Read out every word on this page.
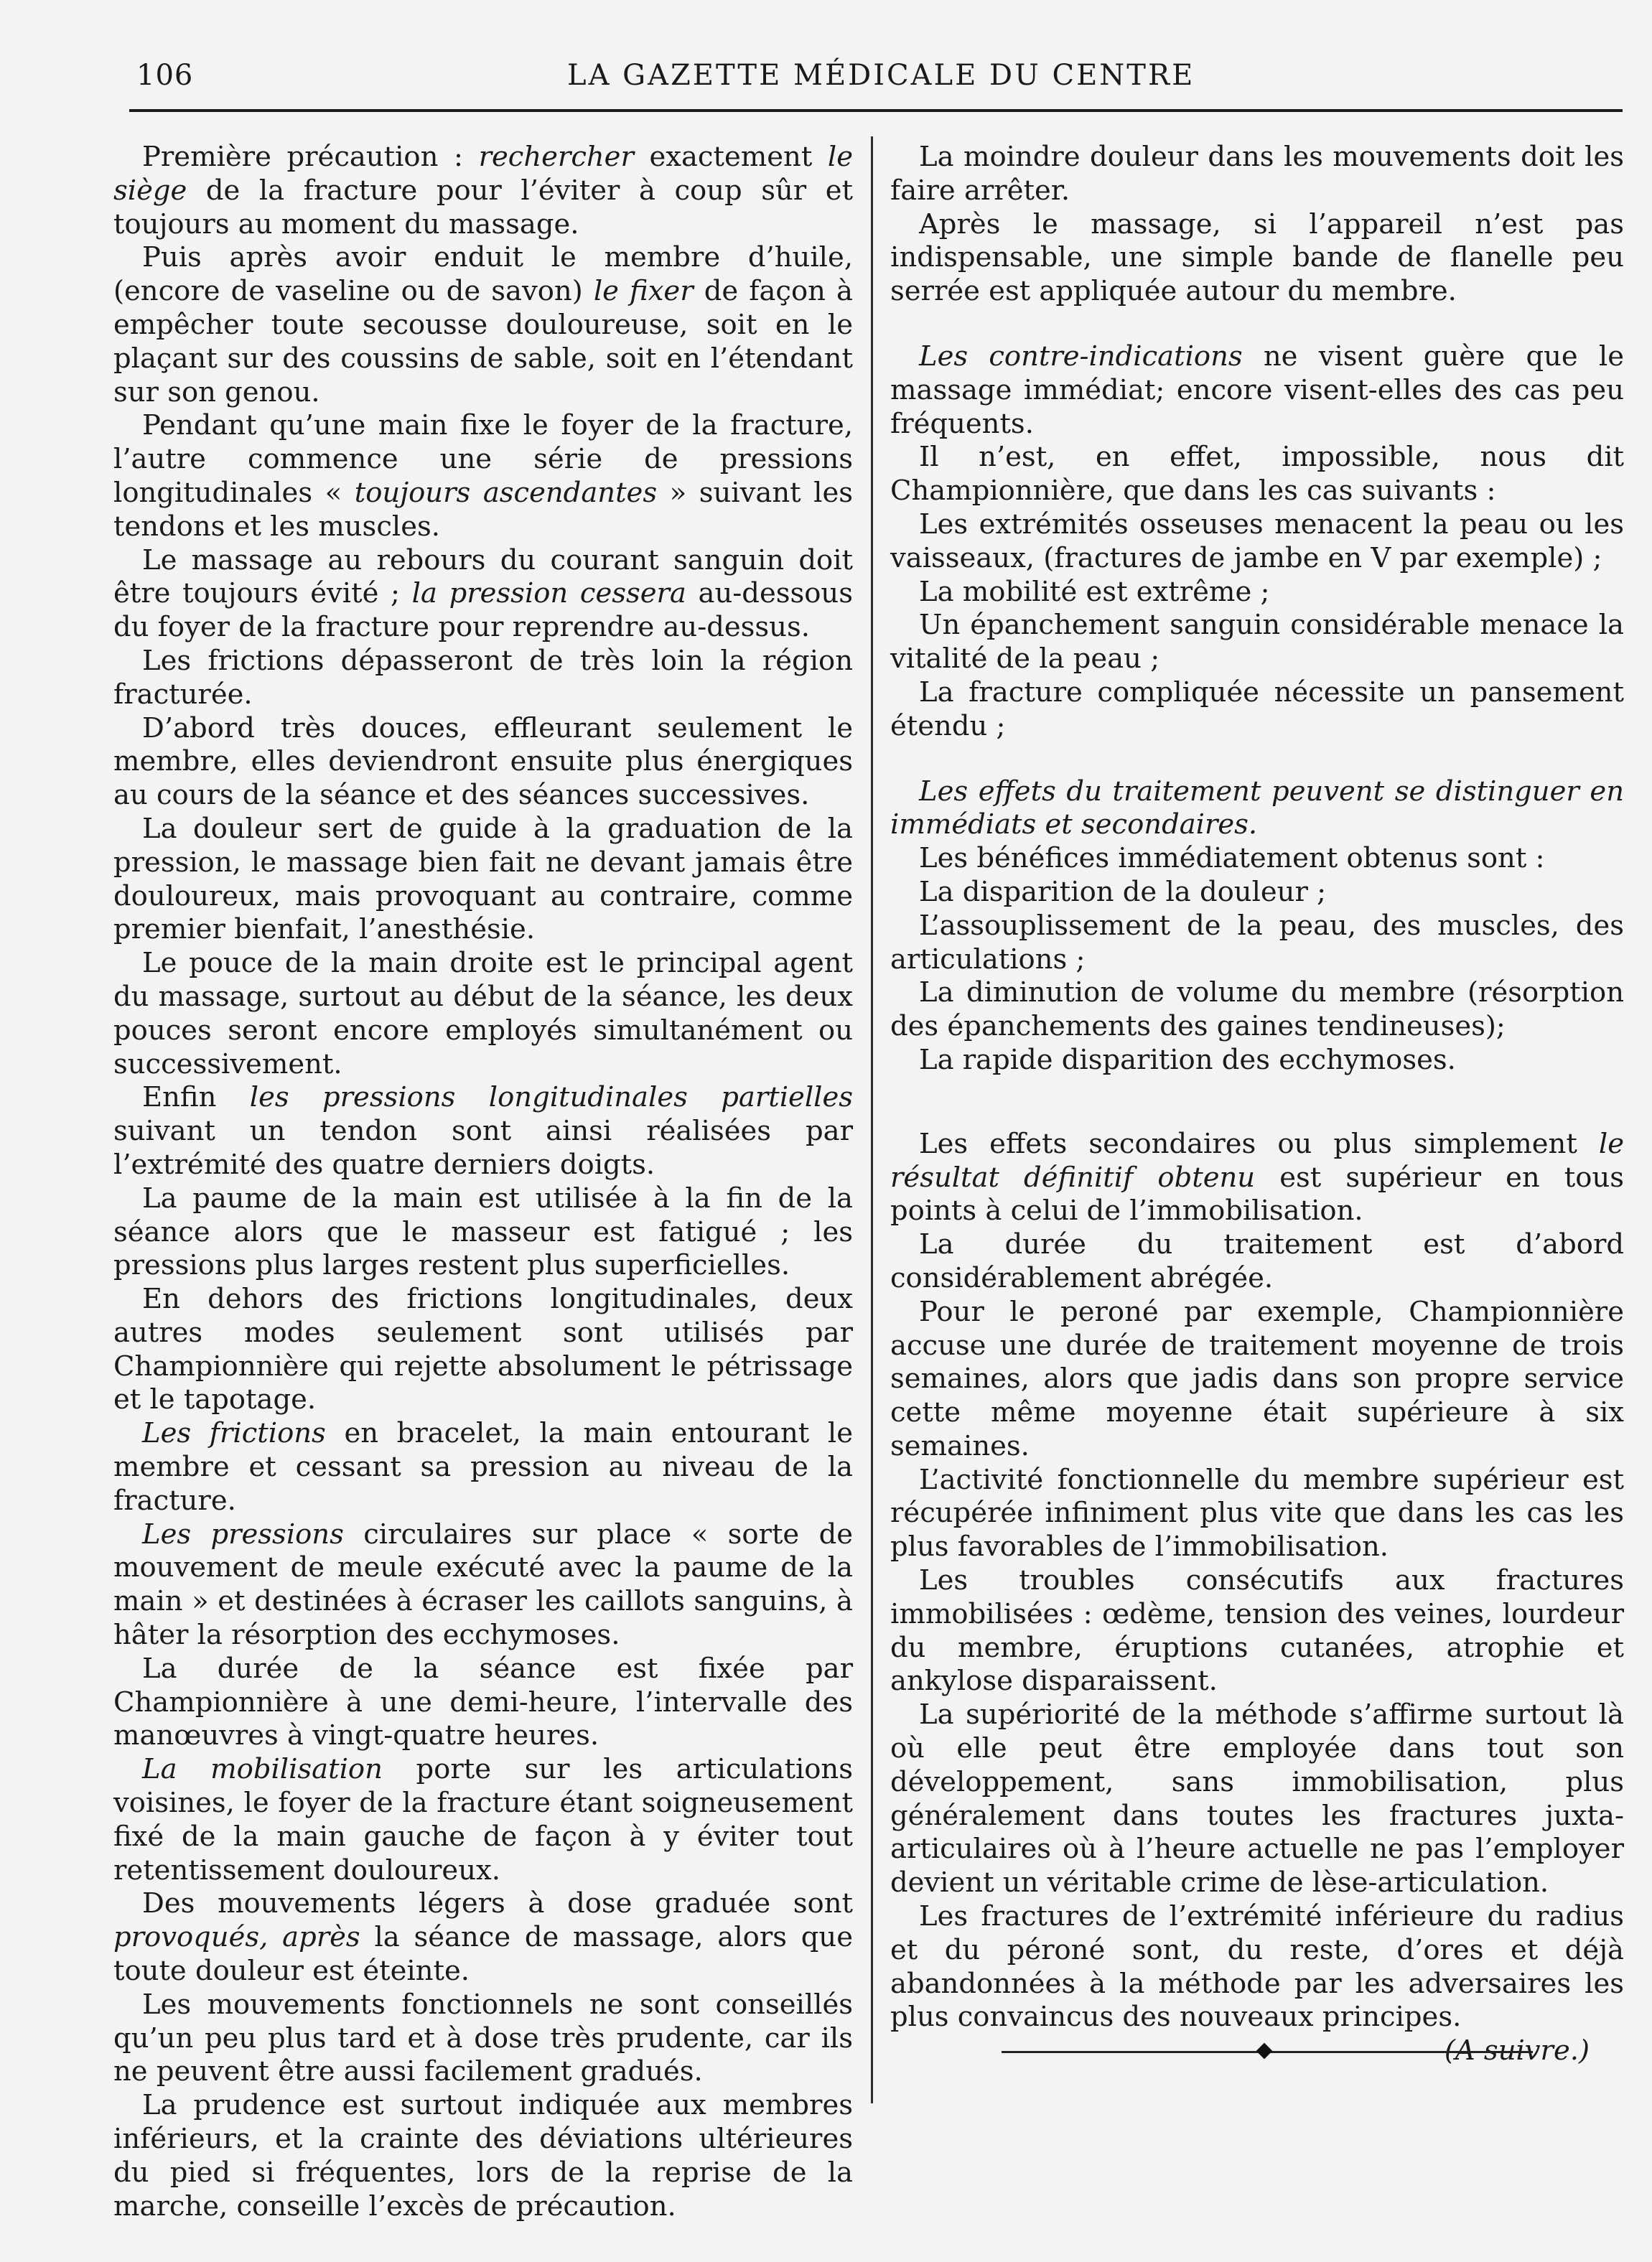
106	LA GAZETTE MÉDICALE DU CENTRE

Première précaution : rechercher exactement le siège de la fracture pour l’éviter à coup sûr et toujours au moment du massage.

Puis après avoir enduit le membre d’huile, (encore de vaseline ou de savon) le fixer de façon à empêcher toute secousse douloureuse, soit en le plaçant sur des coussins de sable, soit en l’étendant sur son genou.

Pendant qu’une main fixe le foyer de la fracture, l’autre commence une série de pressions longitudinales « toujours ascendantes » suivant les tendons et les muscles.

Le massage au rebours du courant sanguin doit être toujours évité ; la pression cessera au-dessous du foyer de la fracture pour reprendre au-dessus.

Les frictions dépasseront de très loin la région fracturée.

D’abord très douces, effleurant seulement le membre, elles deviendront ensuite plus énergiques au cours de la séance et des séances successives.

La douleur sert de guide à la graduation de la pression, le massage bien fait ne devant jamais être douloureux, mais provoquant au contraire, comme premier bienfait, l’anesthésie.

Le pouce de la main droite est le principal agent du massage, surtout au début de la séance, les deux pouces seront encore employés simultanément ou successivement.

Enfin les pressions longitudinales partielles suivant un tendon sont ainsi réalisées par l’extrémité des quatre derniers doigts.

La paume de la main est utilisée à la fin de la séance alors que le masseur est fatigué ; les pressions plus larges restent plus superficielles.

En dehors des frictions longitudinales, deux autres modes seulement sont utilisés par Championnière qui rejette absolument le pétrissage et le tapotage.

Les frictions en bracelet, la main entourant le membre et cessant sa pression au niveau de la fracture.

Les pressions circulaires sur place « sorte de mouvement de meule exécuté avec la paume de la main » et destinées à écraser les caillots sanguins, à hâter la résorption des ecchymoses.

La durée de la séance est fixée par Championnière à une demi-heure, l’intervalle des manœuvres à vingt-quatre heures.

La mobilisation porte sur les articulations voisines, le foyer de la fracture étant soigneusement fixé de la main gauche de façon à y éviter tout retentissement douloureux.

Des mouvements légers à dose graduée sont provoqués, après la séance de massage, alors que toute douleur est éteinte.

Les mouvements fonctionnels ne sont conseillés qu’un peu plus tard et à dose très prudente, car ils ne peuvent être aussi facilement gradués.

La prudence est surtout indiquée aux membres inférieurs, et la crainte des déviations ultérieures du pied si fréquentes, lors de la reprise de la marche, conseille l’excès de précaution.

La moindre douleur dans les mouvements doit les faire arrêter.

Après le massage, si l’appareil n’est pas indispensable, une simple bande de flanelle peu serrée est appliquée autour du membre.

Les contre-indications ne visent guère que le massage immédiat; encore visent-elles des cas peu fréquents.

Il n’est, en effet, impossible, nous dit Championnière, que dans les cas suivants :

Les extrémités osseuses menacent la peau ou les vaisseaux, (fractures de jambe en V par exemple) ;

La mobilité est extrême ;

Un épanchement sanguin considérable menace la vitalité de la peau ;

La fracture compliquée nécessite un pansement étendu ;

Les effets du traitement peuvent se distinguer en immédiats et secondaires.

Les bénéfices immédiatement obtenus sont :

La disparition de la douleur ;

L’assouplissement de la peau, des muscles, des articulations ;

La diminution de volume du membre (résorption des épanchements des gaines tendineuses);

La rapide disparition des ecchymoses.

Les effets secondaires ou plus simplement le résultat définitif obtenu est supérieur en tous points à celui de l’immobilisation.

La durée du traitement est d’abord considérablement abrégée.

Pour le peroné par exemple, Championnière accuse une durée de traitement moyenne de trois semaines, alors que jadis dans son propre service cette même moyenne était supérieure à six semaines.

L’activité fonctionnelle du membre supérieur est récupérée infiniment plus vite que dans les cas les plus favorables de l’immobilisation.

Les troubles consécutifs aux fractures immobilisées : œdème, tension des veines, lourdeur du membre, éruptions cutanées, atrophie et ankylose disparaissent.

La supériorité de la méthode s’affirme surtout là où elle peut être employée dans tout son développement, sans immobilisation, plus généralement dans toutes les fractures juxta-articulaires où à l’heure actuelle ne pas l’employer devient un véritable crime de lèse-articulation.

Les fractures de l’extrémité inférieure du radius et du péroné sont, du reste, d’ores et déjà abandonnées à la méthode par les adversaires les plus convaincus des nouveaux principes.

(A suivre.)
